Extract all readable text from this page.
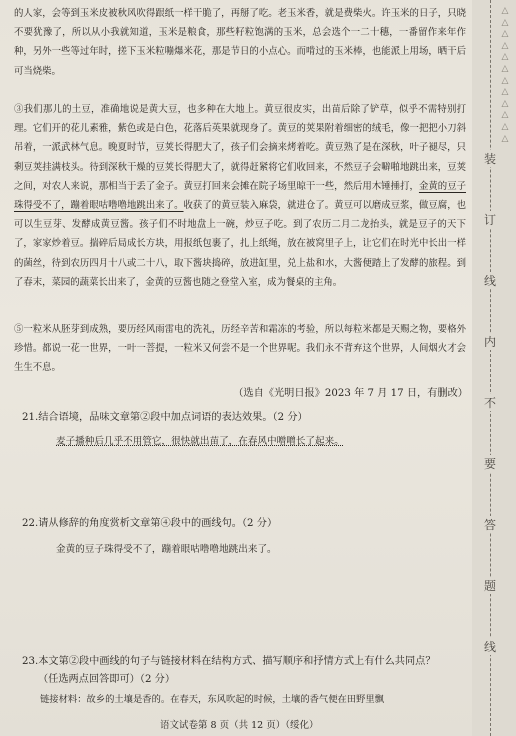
的人家，会等到玉米皮被秋风吹得跟纸一样干脆了，再掰了吃。老玉米香，就是费柴火。许玉米的日子，只晓不要犹豫了，所以从小我就知道，玉米是粮食，那些籽粒饱满的玉米，总会选个一二十穗，一番留作来年作种，另外一些等过年时，搓下玉米粒嘣爆米花，那是节日的小点心。而啃过的玉米棒，也能派上用场，晒干后可当烧柴。

③我们那儿的土豆，准确地说是黄大豆，也多种在大地上。黄豆很皮实，出苗后除了铲草，似乎不需特别打理。它们开的花儿素雅，紫色或是白色，花落后英果就现身了。黄豆的荚果附着细密的绒毛，像一把把小刀斜吊着，一派武林气息。晚夏时节，豆荚长得肥大了，孩子们会摘来烤着吃。黄豆熟了是在深秋，叶子褪尽，只剩豆荚挂满枝头。待到深秋干燥的豆荚长得肥大了，就得赶紧将它们收回来，不然豆子会噼啪地跳出来，豆荚之间，对农人来说，那相当于丢了金子。黄豆打回来会摊在院子场里晾干一些，然后用木锤捶打，金黄的豆子珠得受不了，蹦着眼咕噜噜地跳出来了。收获了的黄豆装入麻袋，就进仓了。黄豆可以磨成豆浆，做豆腐，也可以生豆芽、发酵成黄豆酱。孩子们不时地盘上一碗，炒豆子吃。到了农历二月二龙抬头，就是豆子的天下了，家家炒着豆。揣碎后局成长方块，用报纸包裹了，扎上纸绳，放在被窝里子上，让它们在时光中长出一样的菌丝，待到农历四月十八或二十八，取下酱块捣碎，放进缸里，兑上盐和水，大酱便踏上了发酵的旅程。到了春末，菜园的蔬菜长出来了，金黄的豆酱也随之登堂入室，成为餐桌的主角。

⑤一粒米从胚芽到成熟，要历经风雨雷电的洗礼，历经辛苦和霜冻的考验，所以每粒米都是天赐之物，要格外珍惜。都说一花一世界，一叶一菩提，一粒米又何尝不是一个世界呢。我们永不背弃这个世界，人间烟火才会生生不息。

（选自《光明日报》2023 年 7 月 17 日，有删改）
21.结合语境，品味文章第②段中加点词语的表达效果。（2 分）
麦子播种后几乎不用管它，很快就出苗了，在春风中噌噌长了起来。
22.请从修辞的角度赏析文章第④段中的画线句。（2 分）
金黄的豆子珠得受不了，蹦着眼咕噜噜地跳出来了。
23.本文第②段中画线的句子与链接材料在结构方式、描写顺序和抒情方式上有什么共同点？
（任选两点回答即可）（2 分）
链接材料：故乡的土壤是香的。在春天，东风吹起的时候，土壤的香气便在田野里飘
语文试卷第 8 页（共 12 页）（绥化）
△
△
△
△
△
△
△
△
△
△
△
△
装
订
线
内
不
要
答
题
线
